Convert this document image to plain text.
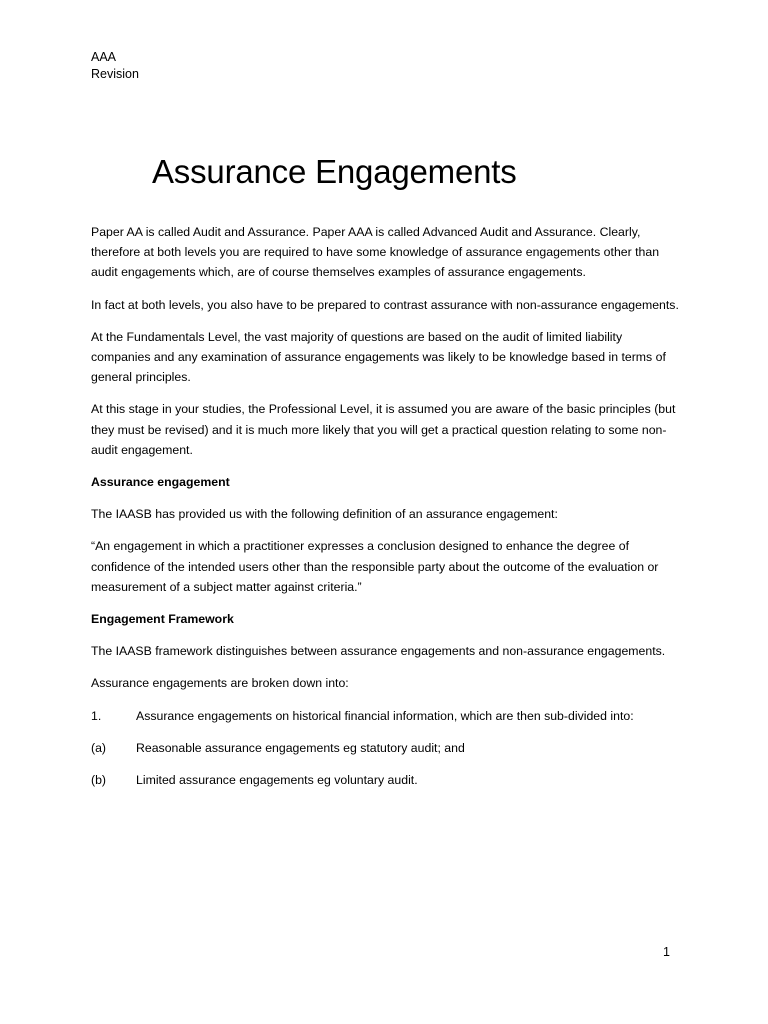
AAA
Revision
Assurance Engagements

Paper AA is called Audit and Assurance. Paper AAA is called Advanced Audit and Assurance. Clearly, therefore at both levels you are required to have some knowledge of assurance engagements other than audit engagements which, are of course themselves examples of assurance engagements.

In fact at both levels, you also have to be prepared to contrast assurance with non-assurance engagements.

At the Fundamentals Level, the vast majority of questions are based on the audit of limited liability companies and any examination of assurance engagements was likely to be knowledge based in terms of general principles.

At this stage in your studies, the Professional Level, it is assumed you are aware of the basic principles (but they must be revised) and it is much more likely that you will get a practical question relating to some non-audit engagement.

Assurance engagement

The IAASB has provided us with the following definition of an assurance engagement:

“An engagement in which a practitioner expresses a conclusion designed to enhance the degree of confidence of the intended users other than the responsible party about the outcome of the evaluation or measurement of a subject matter against criteria.”

Engagement Framework

The IAASB framework distinguishes between assurance engagements and non-assurance engagements.

Assurance engagements are broken down into:

1.	Assurance engagements on historical financial information, which are then sub-divided into:
(a)	Reasonable assurance engagements eg statutory audit; and
(b)	Limited assurance engagements eg voluntary audit.
1
